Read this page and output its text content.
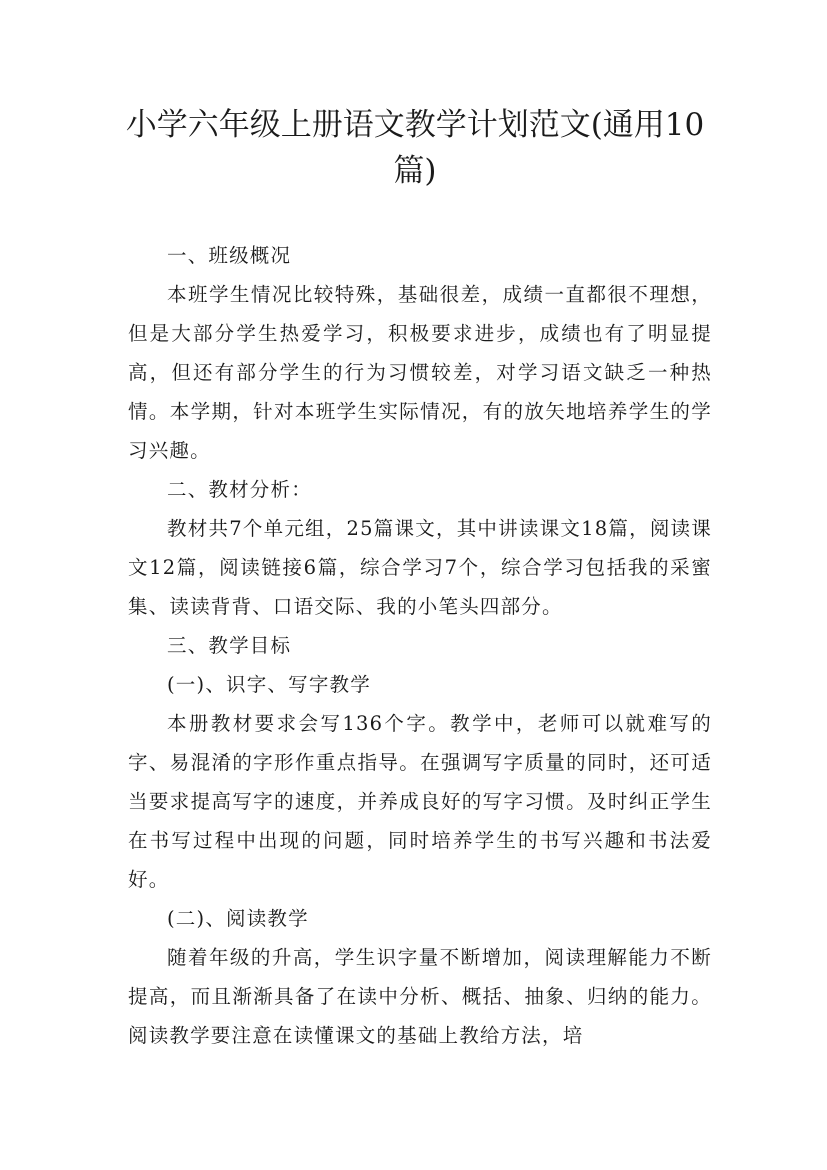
小学六年级上册语文教学计划范文(通用10篇)

一、班级概况

本班学生情况比较特殊，基础很差，成绩一直都很不理想，但是大部分学生热爱学习，积极要求进步，成绩也有了明显提高，但还有部分学生的行为习惯较差，对学习语文缺乏一种热情。本学期，针对本班学生实际情况，有的放矢地培养学生的学习兴趣。

二、教材分析：

教材共7个单元组，25篇课文，其中讲读课文18篇，阅读课文12篇，阅读链接6篇，综合学习7个，综合学习包括我的采蜜集、读读背背、口语交际、我的小笔头四部分。

三、教学目标

(一)、识字、写字教学

本册教材要求会写136个字。教学中，老师可以就难写的字、易混淆的字形作重点指导。在强调写字质量的同时，还可适当要求提高写字的速度，并养成良好的写字习惯。及时纠正学生在书写过程中出现的问题，同时培养学生的书写兴趣和书法爱好。

(二)、阅读教学

随着年级的升高，学生识字量不断增加，阅读理解能力不断提高，而且渐渐具备了在读中分析、概括、抽象、归纳的能力。阅读教学要注意在读懂课文的基础上教给方法，培
